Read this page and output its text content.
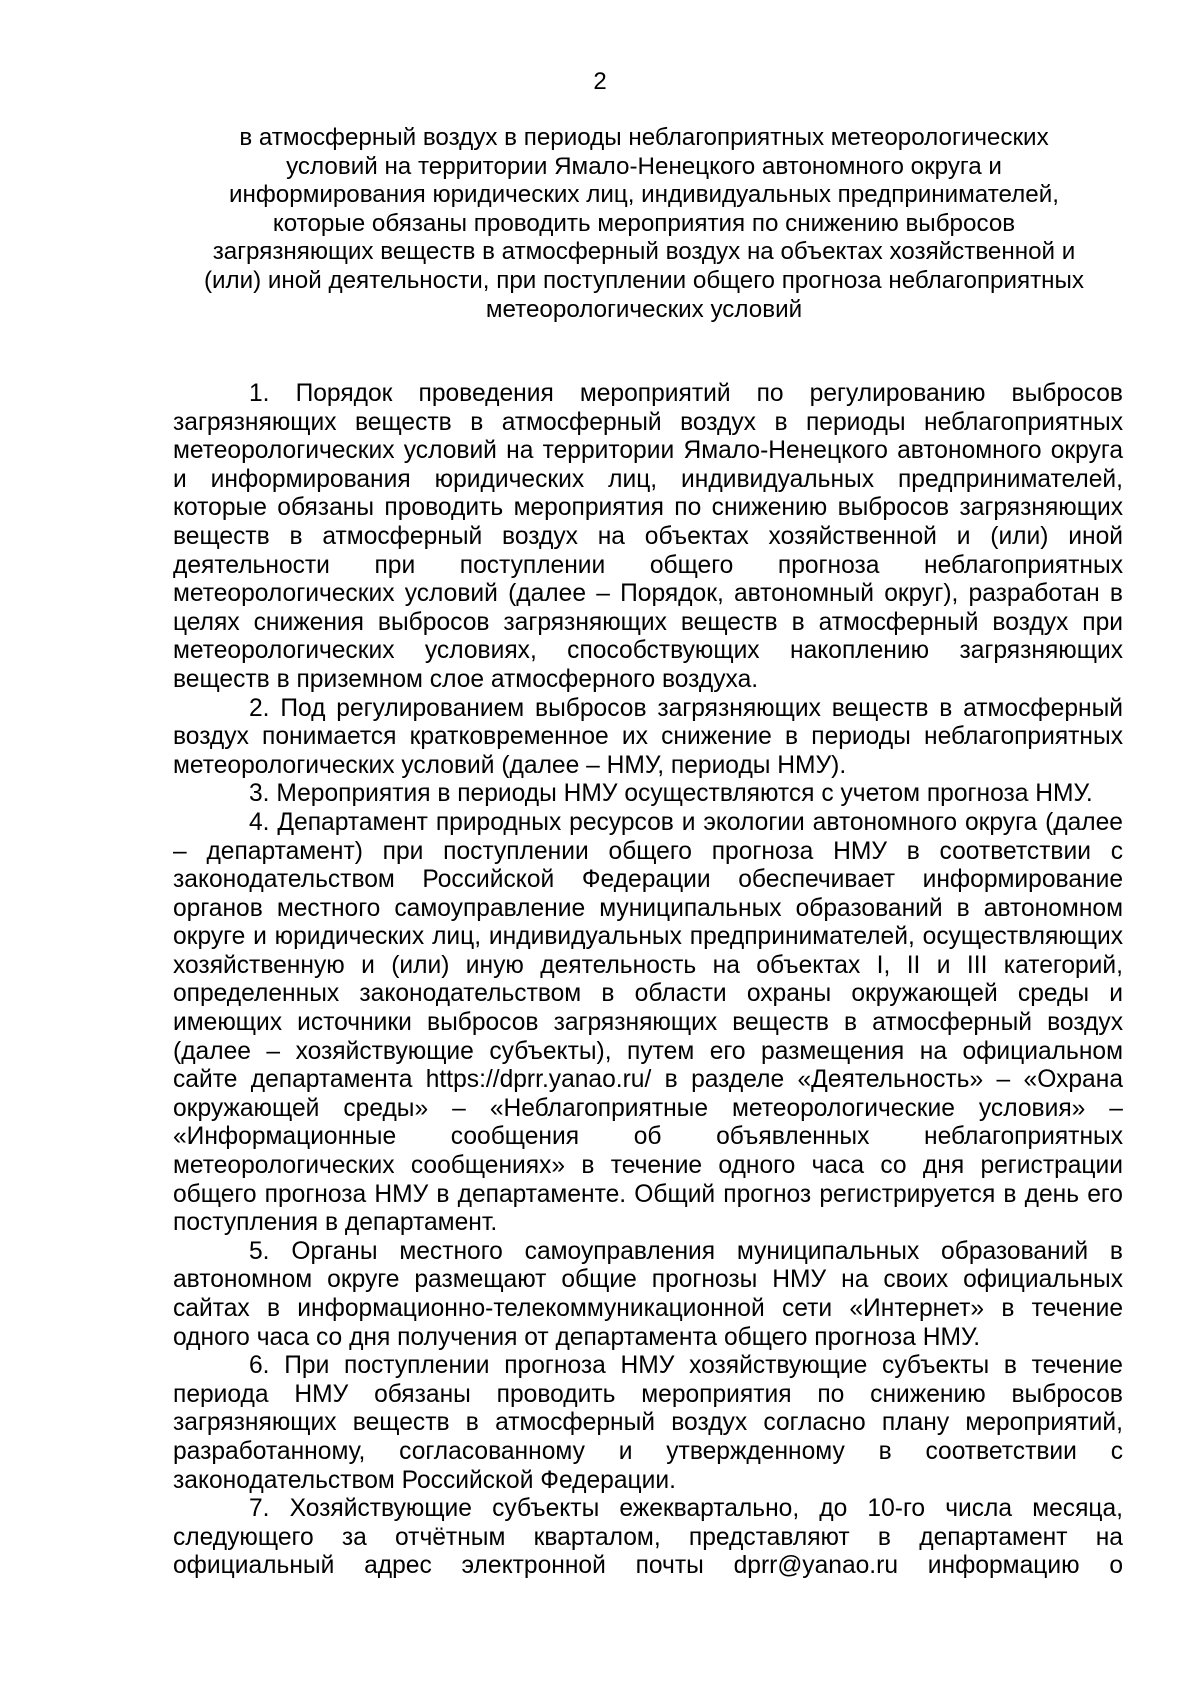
2
в атмосферный воздух в периоды неблагоприятных метеорологических
условий на территории Ямало-Ненецкого автономного округа и
информирования юридических лиц, индивидуальных предпринимателей,
которые обязаны проводить мероприятия по снижению выбросов
загрязняющих веществ в атмосферный воздух на объектах хозяйственной и
(или) иной деятельности, при поступлении общего прогноза неблагоприятных
метеорологических условий

1. Порядок проведения мероприятий по регулированию выбросов загрязняющих веществ в атмосферный воздух в периоды неблагоприятных метеорологических условий на территории Ямало-Ненецкого автономного округа и информирования юридических лиц, индивидуальных предпринимателей, которые обязаны проводить мероприятия по снижению выбросов загрязняющих веществ в атмосферный воздух на объектах хозяйственной и (или) иной деятельности при поступлении общего прогноза неблагоприятных метеорологических условий (далее – Порядок, автономный округ), разработан в целях снижения выбросов загрязняющих веществ в атмосферный воздух при метеорологических условиях, способствующих накоплению загрязняющих веществ в приземном слое атмосферного воздуха.

2. Под регулированием выбросов загрязняющих веществ в атмосферный воздух понимается кратковременное их снижение в периоды неблагоприятных метеорологических условий (далее – НМУ, периоды НМУ).

3. Мероприятия в периоды НМУ осуществляются с учетом прогноза НМУ.

4. Департамент природных ресурсов и экологии автономного округа (далее – департамент) при поступлении общего прогноза НМУ в соответствии с законодательством Российской Федерации обеспечивает информирование органов местного самоуправление муниципальных образований в автономном округе и юридических лиц, индивидуальных предпринимателей, осуществляющих хозяйственную и (или) иную деятельность на объектах I, II и III категорий, определенных законодательством в области охраны окружающей среды и имеющих источники выбросов загрязняющих веществ в атмосферный воздух (далее – хозяйствующие субъекты), путем его размещения на официальном сайте департамента https://dprr.yanao.ru/ в разделе «Деятельность» – «Охрана окружающей среды» – «Неблагоприятные метеорологические условия» – «Информационные сообщения об объявленных неблагоприятных метеорологических сообщениях» в течение одного часа со дня регистрации общего прогноза НМУ в департаменте. Общий прогноз регистрируется в день его поступления в департамент.

5. Органы местного самоуправления муниципальных образований в автономном округе размещают общие прогнозы НМУ на своих официальных сайтах в информационно-телекоммуникационной сети «Интернет» в течение одного часа со дня получения от департамента общего прогноза НМУ.

6. При поступлении прогноза НМУ хозяйствующие субъекты в течение периода НМУ обязаны проводить мероприятия по снижению выбросов загрязняющих веществ в атмосферный воздух согласно плану мероприятий, разработанному, согласованному и утвержденному в соответствии с законодательством Российской Федерации.

7. Хозяйствующие субъекты ежеквартально, до 10-го числа месяца, следующего за отчётным кварталом, представляют в департамент на официальный адрес электронной почты dprr@yanao.ru информацию о
